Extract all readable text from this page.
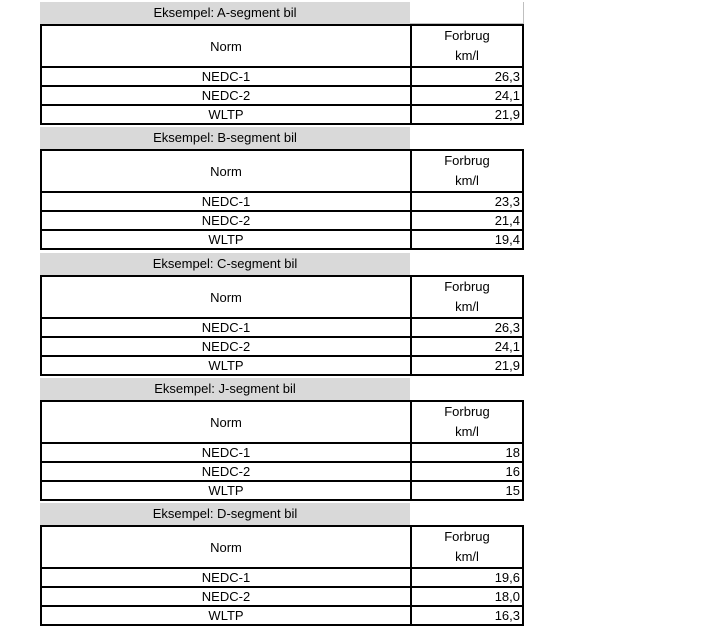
Eksempel: A-segment bil
Norm	Forbrug
km/l
NEDC-1	26,3
NEDC-2	24,1
WLTP	21,9
Eksempel: B-segment bil
Norm	Forbrug
km/l
NEDC-1	23,3
NEDC-2	21,4
WLTP	19,4
Eksempel: C-segment bil
Norm	Forbrug
km/l
NEDC-1	26,3
NEDC-2	24,1
WLTP	21,9
Eksempel: J-segment bil
Norm	Forbrug
km/l
NEDC-1	18
NEDC-2	16
WLTP	15
Eksempel: D-segment bil
Norm	Forbrug
km/l
NEDC-1	19,6
NEDC-2	18,0
WLTP	16,3
